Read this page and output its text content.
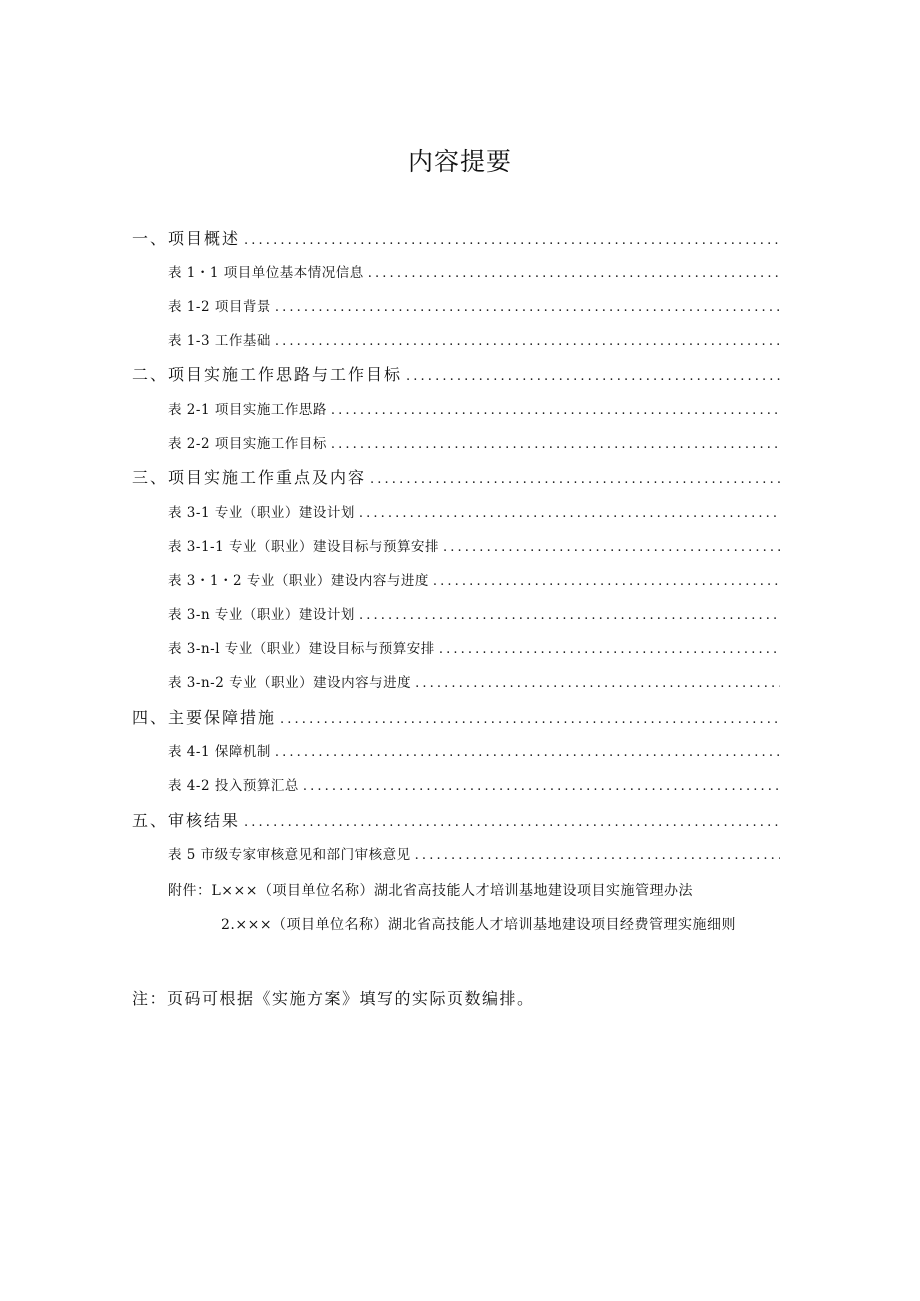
内容提要
一、项目概述
. . .
表 1・1 项目单位基本情况信息
. . .
表 1-2 项目背景
. . .
表 1-3 工作基础
. . .
二、项目实施工作思路与工作目标
. . .
表 2-1 项目实施工作思路
. . .
表 2-2 项目实施工作目标
. . .
三、项目实施工作重点及内容
. . .
表 3-1 专业（职业）建设计划
. . .
表 3-1-1 专业（职业）建设目标与预算安排
. . .
表 3・1・2 专业（职业）建设内容与进度
. . .
表 3-n 专业（职业）建设计划
. . .
表 3-n-l 专业（职业）建设目标与预算安排
. . .
表 3-n-2 专业（职业）建设内容与进度
. . .
四、主要保障措施
. . .
表 4-1 保障机制
. . .
表 4-2 投入预算汇总
. . .
五、审核结果
. . .
表 5 市级专家审核意见和部门审核意见
. . .
附件：L×××（项目单位名称）湖北省高技能人才培训基地建设项目实施管理办法
2.×××（项目单位名称）湖北省高技能人才培训基地建设项目经费管理实施细则
注：页码可根据《实施方案》填写的实际页数编排。
